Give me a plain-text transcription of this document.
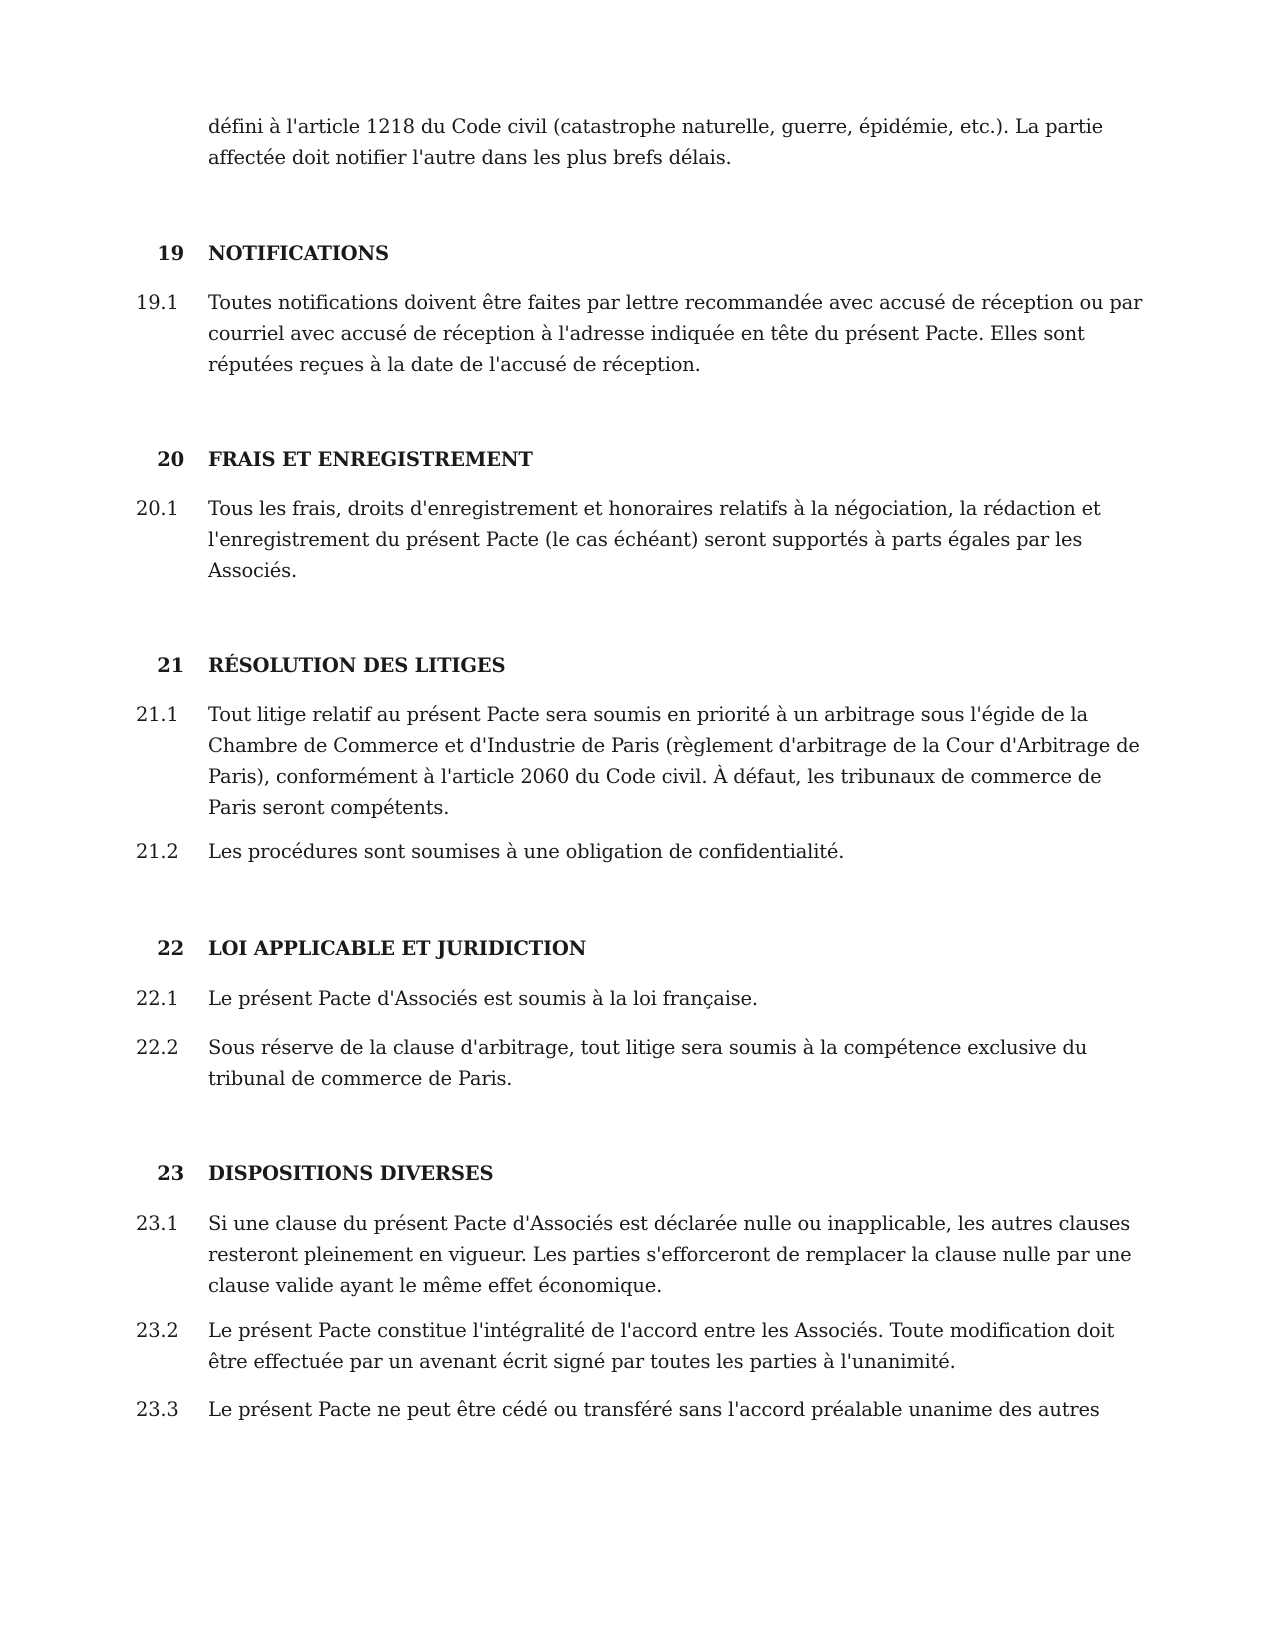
défini à l'article 1218 du Code civil (catastrophe naturelle, guerre, épidémie, etc.). La partie affectée doit notifier l'autre dans les plus brefs délais.
19 NOTIFICATIONS
19.1 Toutes notifications doivent être faites par lettre recommandée avec accusé de réception ou par courriel avec accusé de réception à l'adresse indiquée en tête du présent Pacte. Elles sont réputées reçues à la date de l'accusé de réception.
20 FRAIS ET ENREGISTREMENT
20.1 Tous les frais, droits d'enregistrement et honoraires relatifs à la négociation, la rédaction et l'enregistrement du présent Pacte (le cas échéant) seront supportés à parts égales par les Associés.
21 RÉSOLUTION DES LITIGES
21.1 Tout litige relatif au présent Pacte sera soumis en priorité à un arbitrage sous l'égide de la Chambre de Commerce et d'Industrie de Paris (règlement d'arbitrage de la Cour d'Arbitrage de Paris), conformément à l'article 2060 du Code civil. À défaut, les tribunaux de commerce de Paris seront compétents.
21.2 Les procédures sont soumises à une obligation de confidentialité.
22 LOI APPLICABLE ET JURIDICTION
22.1 Le présent Pacte d'Associés est soumis à la loi française.
22.2 Sous réserve de la clause d'arbitrage, tout litige sera soumis à la compétence exclusive du tribunal de commerce de Paris.
23 DISPOSITIONS DIVERSES
23.1 Si une clause du présent Pacte d'Associés est déclarée nulle ou inapplicable, les autres clauses resteront pleinement en vigueur. Les parties s'efforceront de remplacer la clause nulle par une clause valide ayant le même effet économique.
23.2 Le présent Pacte constitue l'intégralité de l'accord entre les Associés. Toute modification doit être effectuée par un avenant écrit signé par toutes les parties à l'unanimité.
23.3 Le présent Pacte ne peut être cédé ou transféré sans l'accord préalable unanime des autres
